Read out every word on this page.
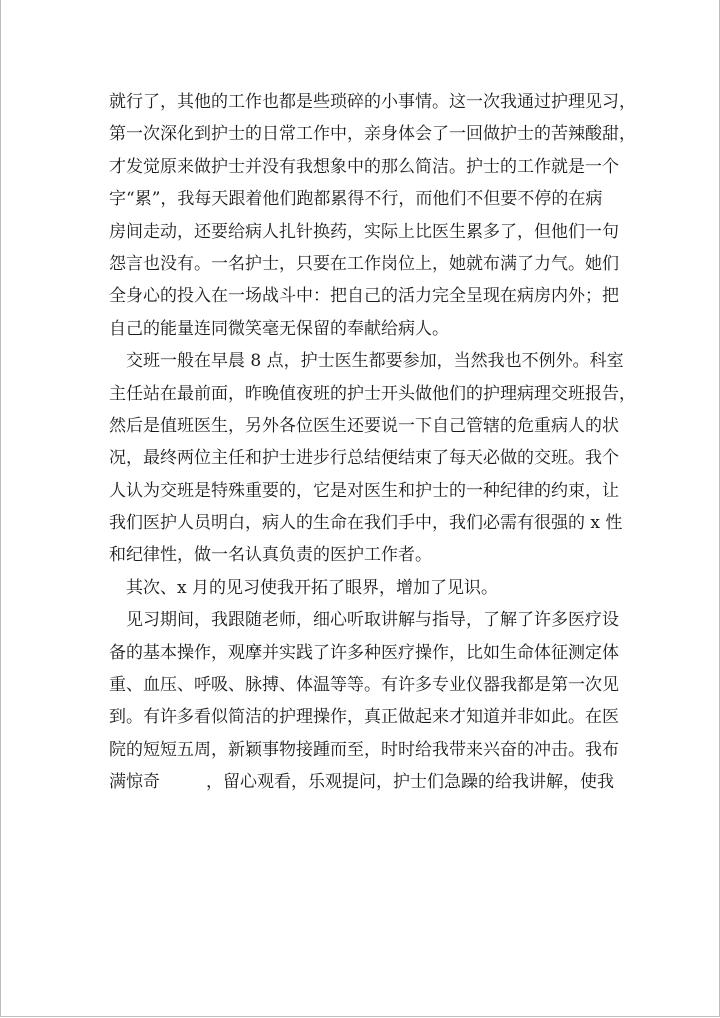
就行了，其他的工作也都是些琐碎的小事情。这一次我通过护理见习，
第一次深化到护士的日常工作中，亲身体会了一回做护士的苦辣酸甜，
才发觉原来做护士并没有我想象中的那么简洁。护士的工作就是一个
字“累”，我每天跟着他们跑都累得不行，而他们不但要不停的在病
房间走动，还要给病人扎针换药，实际上比医生累多了，但他们一句
怨言也没有。一名护士，只要在工作岗位上，她就布满了力气。她们
全身心的投入在一场战斗中：把自己的活力完全呈现在病房内外；把
自己的能量连同微笑毫无保留的奉献给病人。
交班一般在早晨 8 点，护士医生都要参加，当然我也不例外。科室
主任站在最前面，昨晚值夜班的护士开头做他们的护理病理交班报告，
然后是值班医生，另外各位医生还要说一下自己管辖的危重病人的状
况，最终两位主任和护士进步行总结便结束了每天必做的交班。我个
人认为交班是特殊重要的，它是对医生和护士的一种纪律的约束，让
我们医护人员明白，病人的生命在我们手中，我们必需有很强的 x 性
和纪律性，做一名认真负责的医护工作者。
其次、x 月的见习使我开拓了眼界，增加了见识。
见习期间，我跟随老师，细心听取讲解与指导，了解了许多医疗设
备的基本操作，观摩并实践了许多种医疗操作，比如生命体征测定体
重、血压、呼吸、脉搏、体温等等。有许多专业仪器我都是第一次见
到。有许多看似简洁的护理操作，真正做起来才知道并非如此。在医
院的短短五周，新颖事物接踵而至，时时给我带来兴奋的冲击。我布
满惊奇	，留心观看，乐观提问，护士们急躁的给我讲解，使我
